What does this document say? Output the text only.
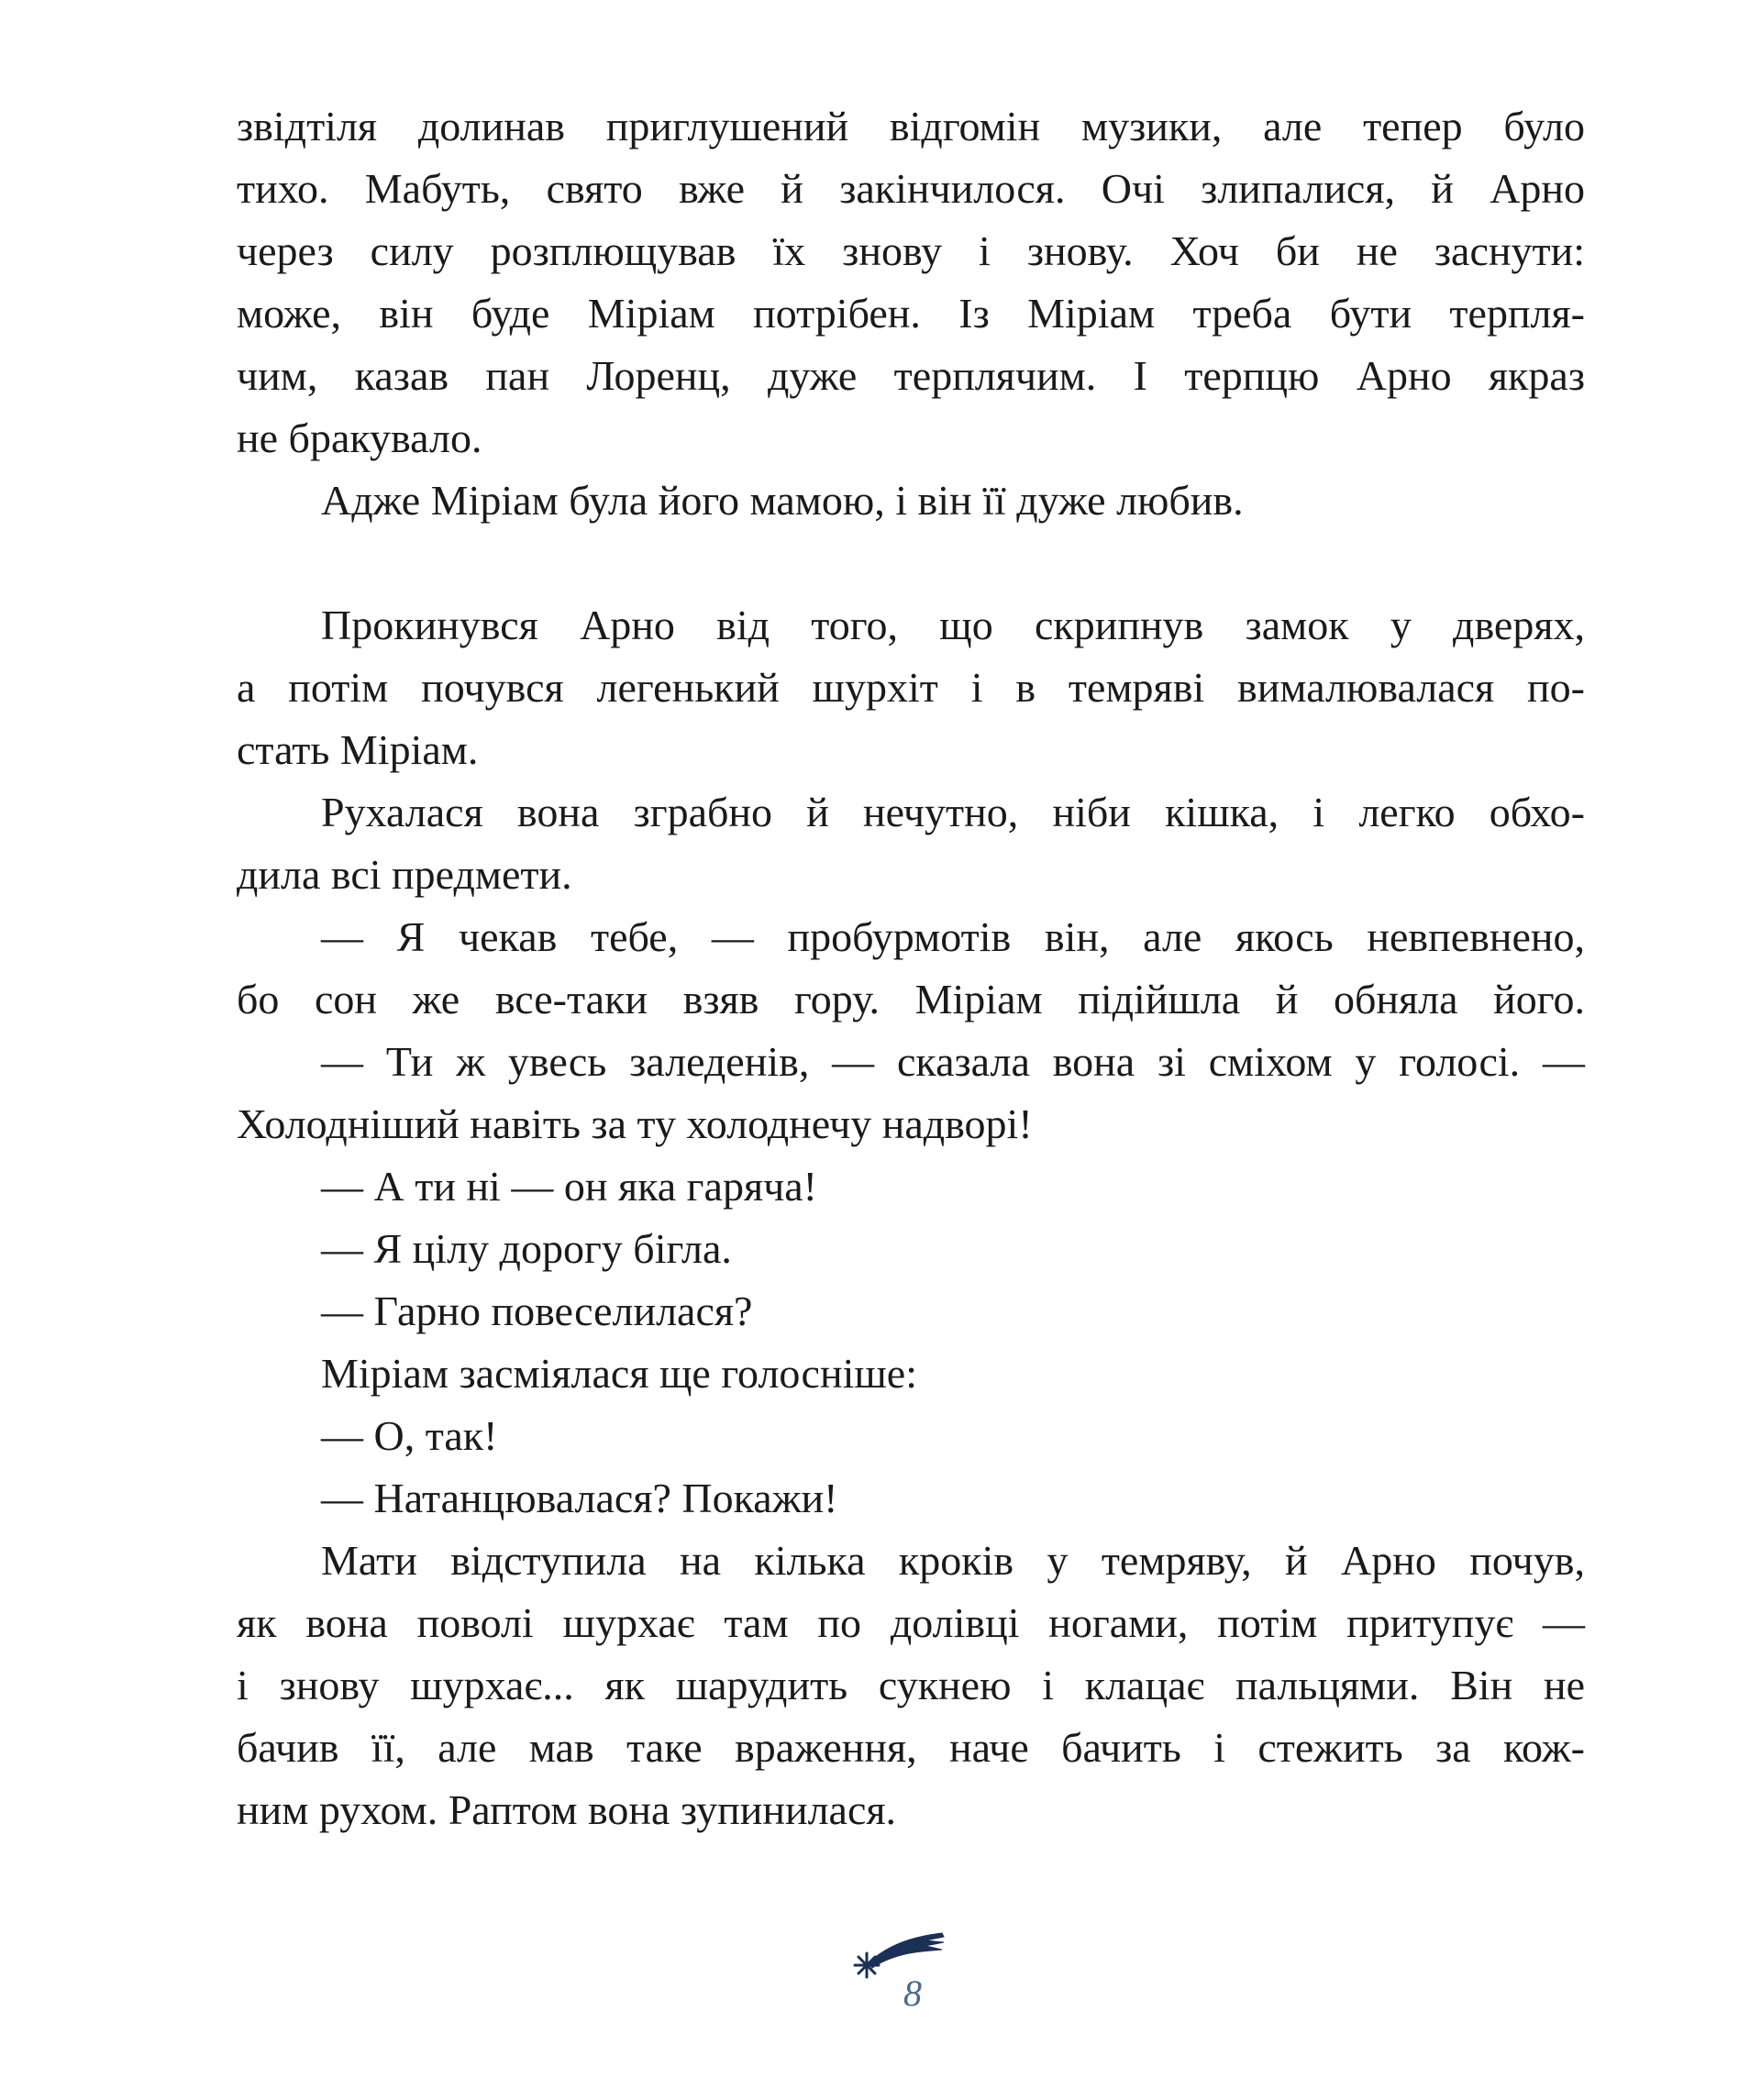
звідтіля долинав приглушений відгомін музики, але тепер було
тихо. Мабуть, свято вже й закінчилося. Очі злипалися, й Арно
через силу розплющував їх знову і знову. Хоч би не заснути:
може, він буде Міріам потрібен. Із Міріам треба бути терпля-
чим, казав пан Лоренц, дуже терплячим. І терпцю Арно якраз
не бракувало.
Адже Міріам була його мамою, і він її дуже любив.
Прокинувся Арно від того, що скрипнув замок у дверях,
а потім почувся легенький шурхіт і в темряві вималювалася по-
стать Міріам.
Рухалася вона зграбно й нечутно, ніби кішка, і легко обхо-
дила всі предмети.
— Я чекав тебе, — пробурмотів він, але якось невпевнено,
бо сон же все-таки взяв гору. Міріам підійшла й обняла його.
— Ти ж увесь заледенів, — сказала вона зі сміхом у голосі. —
Холодніший навіть за ту холоднечу надворі!
— А ти ні — он яка гаряча!
— Я цілу дорогу бігла.
— Гарно повеселилася?
Міріам засміялася ще голосніше:
— О, так!
— Натанцювалася? Покажи!
Мати відступила на кілька кроків у темряву, й Арно почув,
як вона поволі шурхає там по долівці ногами, потім притупує —
і знову шурхає... як шарудить сукнею і клацає пальцями. Він не
бачив її, але мав таке враження, наче бачить і стежить за кож-
ним рухом. Раптом вона зупинилася.
8
